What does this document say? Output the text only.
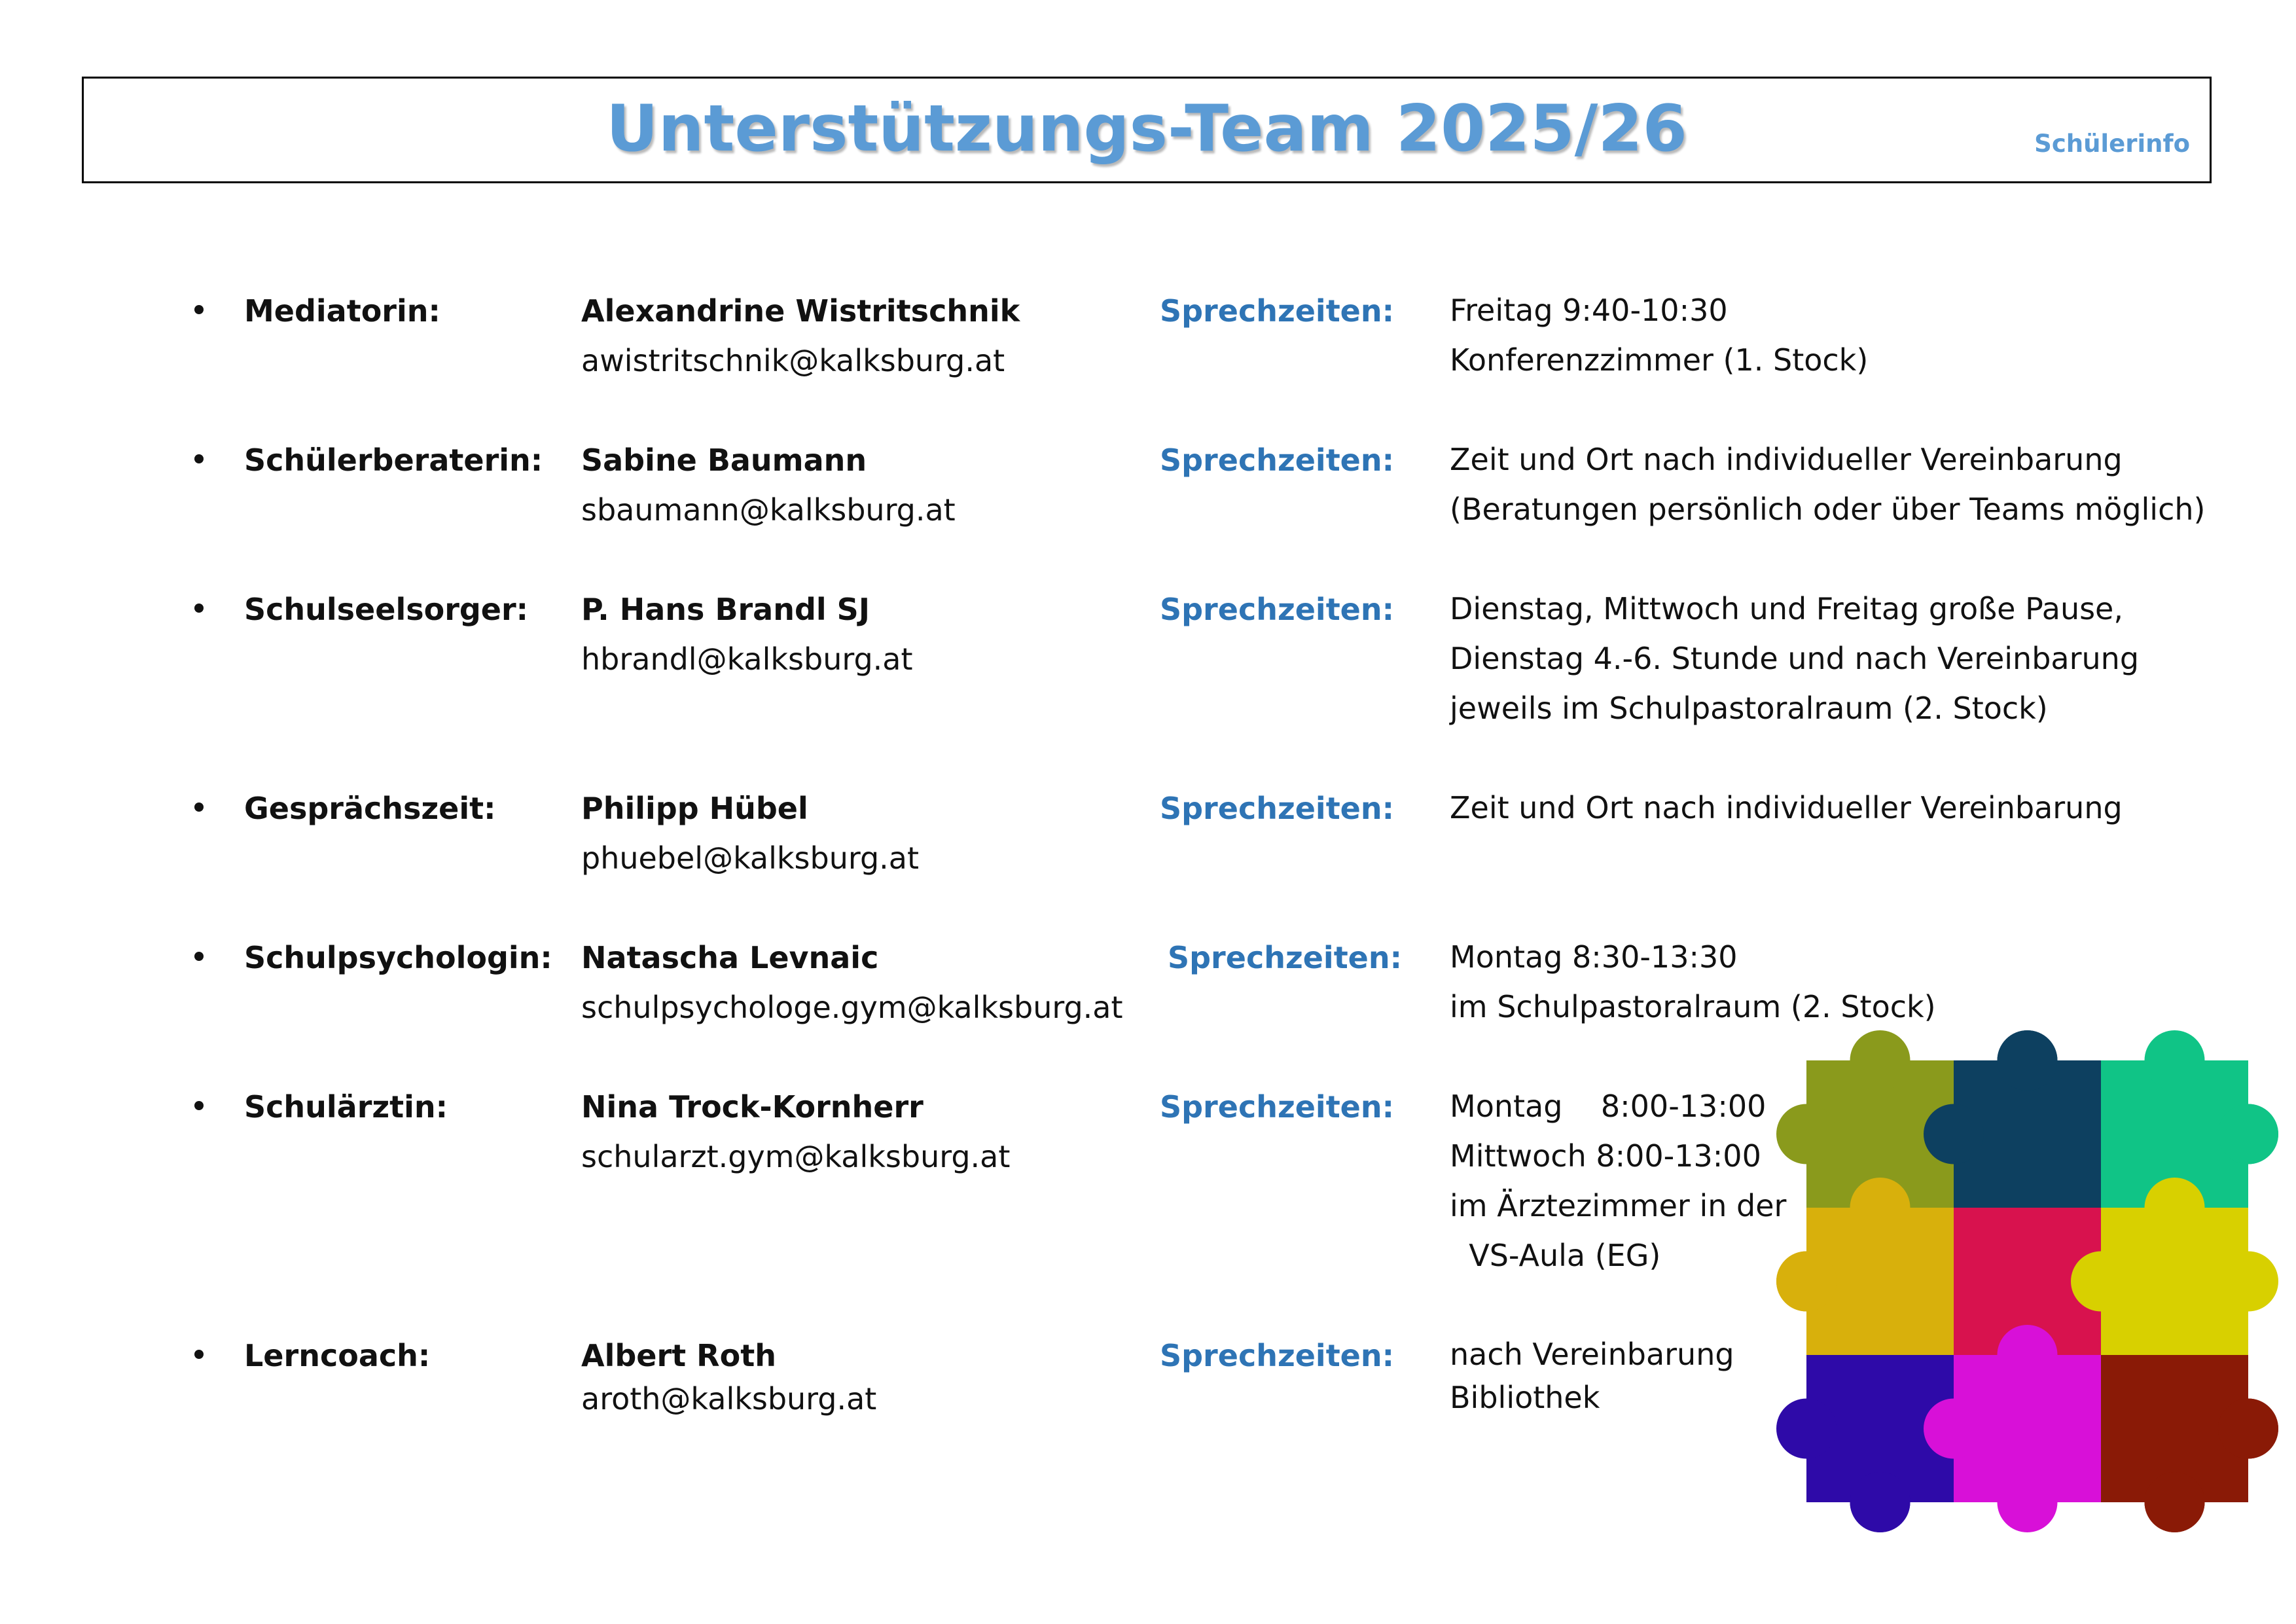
Unterstützungs-Team 2025/26	Schülerinfo
Mediatorin:	Alexandrine Wistritschnik
awistritschnik@kalksburg.at
Sprechzeiten: Freitag 9:40-10:30
Konferenzzimmer (1. Stock)
Schülerberaterin: Sabine Baumann
sbaumann@kalksburg.at
Sprechzeiten: Zeit und Ort nach individueller Vereinbarung
(Beratungen persönlich oder über Teams möglich)
Schulseelsorger: P. Hans Brandl SJ
hbrandl@kalksburg.at
Sprechzeiten: Dienstag, Mittwoch und Freitag große Pause,
Dienstag 4.-6. Stunde und nach Vereinbarung
jeweils im Schulpastoralraum (2. Stock)
Gesprächszeit:	Philipp Hübel
phuebel@kalksburg.at
Sprechzeiten: Zeit und Ort nach individueller Vereinbarung
Schulpsychologin: Natascha Levnaic
schulpsychologe.gym@kalksburg.at
Sprechzeiten: Montag 8:30-13:30
im Schulpastoralraum (2. Stock)
Schulärztin:	Nina Trock-Kornherr
schularzt.gym@kalksburg.at
Sprechzeiten: Montag    8:00-13:00
Mittwoch 8:00-13:00
im Ärztezimmer in der
VS-Aula (EG)
Lerncoach:	Albert Roth
aroth@kalksburg.at
Sprechzeiten: nach Vereinbarung
Bibliothek
